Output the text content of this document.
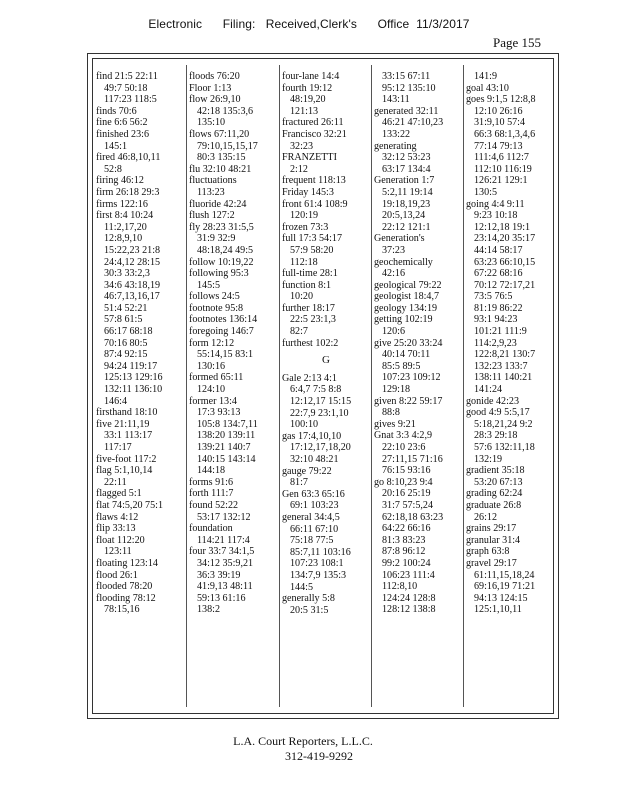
Electronic      Filing:   Received,Clerk's      Office  11/3/2017
Page 155
find 21:5 22:11
49:7 50:18
117:23 118:5
finds 70:6
fine 6:6 56:2
finished 23:6
145:1
fired 46:8,10,11
52:8
firing 46:12
firm 26:18 29:3
firms 122:16
first 8:4 10:24
11:2,17,20
12:8,9,10
15:22,23 21:8
24:4,12 28:15
30:3 33:2,3
34:6 43:18,19
46:7,13,16,17
51:4 52:21
57:8 61:5
66:17 68:18
70:16 80:5
87:4 92:15
94:24 119:17
125:13 129:16
132:11 136:10
146:4
firsthand 18:10
five 21:11,19
33:1 113:17
117:17
five-foot 117:2
flag 5:1,10,14
22:11
flagged 5:1
flat 74:5,20 75:1
flaws 4:12
flip 33:13
float 112:20
123:11
floating 123:14
flood 26:1
flooded 78:20
flooding 78:12
78:15,16
floods 76:20
Floor 1:13
flow 26:9,10
42:18 135:3,6
135:10
flows 67:11,20
79:10,15,15,17
80:3 135:15
flu 32:10 48:21
fluctuations
113:23
fluoride 42:24
flush 127:2
fly 28:23 31:5,5
31:9 32:9
48:18,24 49:5
follow 10:19,22
following 95:3
145:5
follows 24:5
footnote 95:8
footnotes 136:14
foregoing 146:7
form 12:12
55:14,15 83:1
130:16
formed 65:11
124:10
former 13:4
17:3 93:13
105:8 134:7,11
138:20 139:11
139:21 140:7
140:15 143:14
144:18
forms 91:6
forth 111:7
found 52:22
53:17 132:12
foundation
114:21 117:4
four 33:7 34:1,5
34:12 35:9,21
36:3 39:19
41:9,13 48:11
59:13 61:16
138:2
four-lane 14:4
fourth 19:12
48:19,20
121:13
fractured 26:11
Francisco 32:21
32:23
FRANZETTI
2:12
frequent 118:13
Friday 145:3
front 61:4 108:9
120:19
frozen 73:3
full 17:3 54:17
57:9 58:20
112:18
full-time 28:1
function 8:1
10:20
further 18:17
22:5 23:1,3
82:7
furthest 102:2
G
Gale 2:13 4:1
6:4,7 7:5 8:8
12:12,17 15:15
22:7,9 23:1,10
100:10
gas 17:4,10,10
17:12,17,18,20
32:10 48:21
gauge 79:22
81:7
Gen 63:3 65:16
69:1 103:23
general 34:4,5
66:11 67:10
75:18 77:5
85:7,11 103:16
107:23 108:1
134:7,9 135:3
144:5
generally 5:8
20:5 31:5
33:15 67:11
95:12 135:10
143:11
generated 32:11
46:21 47:10,23
133:22
generating
32:12 53:23
63:17 134:4
Generation 1:7
5:2,11 19:14
19:18,19,23
20:5,13,24
22:12 121:1
Generation's
37:23
geochemically
42:16
geological 79:22
geologist 18:4,7
geology 134:19
getting 102:19
120:6
give 25:20 33:24
40:14 70:11
85:5 89:5
107:23 109:12
129:18
given 8:22 59:17
88:8
gives 9:21
Gnat 3:3 4:2,9
22:10 23:6
27:11,15 71:16
76:15 93:16
go 8:10,23 9:4
20:16 25:19
31:7 57:5,24
62:18,18 63:23
64:22 66:16
81:3 83:23
87:8 96:12
99:2 100:24
106:23 111:4
112:8,10
124:24 128:8
128:12 138:8
141:9
goal 43:10
goes 9:1,5 12:8,8
12:10 26:16
31:9,10 57:4
66:3 68:1,3,4,6
77:14 79:13
111:4,6 112:7
112:10 116:19
126:21 129:1
130:5
going 4:4 9:11
9:23 10:18
12:12,18 19:1
23:14,20 35:17
44:14 58:17
63:23 66:10,15
67:22 68:16
70:12 72:17,21
73:5 76:5
81:19 86:22
93:1 94:23
101:21 111:9
114:2,9,23
122:8,21 130:7
132:23 133:7
138:11 140:21
141:24
gonide 42:23
good 4:9 5:5,17
5:18,21,24 9:2
28:3 29:18
57:6 132:11,18
132:19
gradient 35:18
53:20 67:13
grading 62:24
graduate 26:8
26:12
grains 29:17
granular 31:4
graph 63:8
gravel 29:17
61:11,15,18,24
69:16,19 71:21
94:13 124:15
125:1,10,11
L.A. Court Reporters, L.L.C.
312-419-9292
